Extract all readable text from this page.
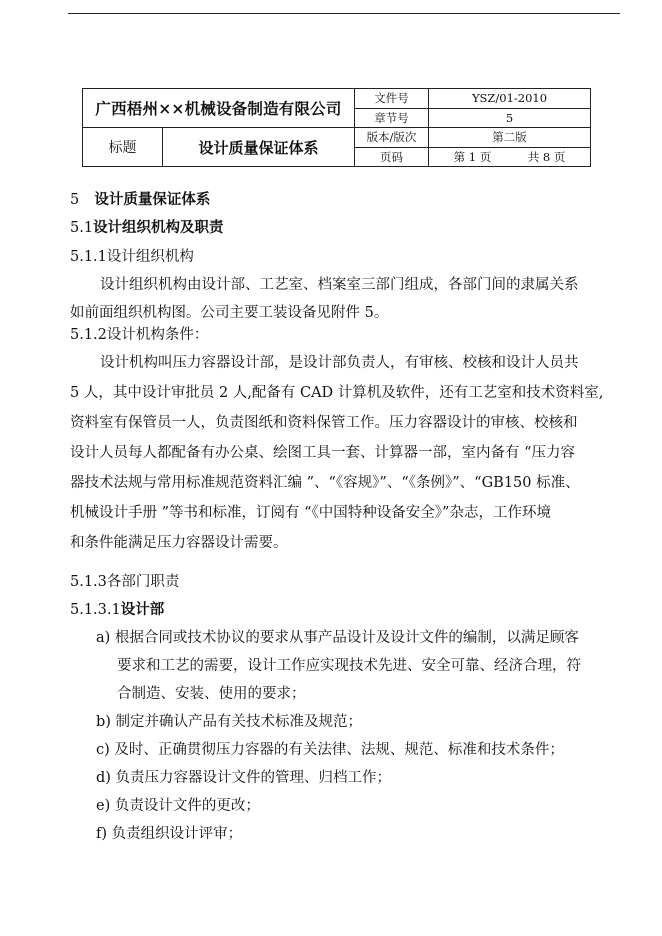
广西梧州××机械设备制造有限公司		文件号	YSZ/01-2010
		章节号	5
标题	设计质量保证体系	版本/版次	第二版
		页码	第 1 页 共 8 页
5 设计质量保证体系
5.1设计组织机构及职责
5.1.1设计组织机构
设计组织机构由设计部、工艺室、档案室三部门组成，各部门间的隶属关系
如前面组织机构图。公司主要工装设备见附件 5。
5.1.2设计机构条件：
设计机构叫压力容器设计部，是设计部负责人，有审核、校核和设计人员共
5 人，其中设计审批员 2 人,配备有 CAD 计算机及软件，还有工艺室和技术资料室,
资料室有保管员一人，负责图纸和资料保管工作。压力容器设计的审核、校核和
设计人员每人都配备有办公桌、绘图工具一套、计算器一部，室内备有 “压力容
器技术法规与常用标准规范资料汇编 ”、“《容规》”、“《条例》”、“GB150 标准、
机械设计手册 ”等书和标准，订阅有 “《中国特种设备安全》”杂志，工作环境
和条件能满足压力容器设计需要。
5.1.3各部门职责
5.1.3.1设计部
a) 根据合同或技术协议的要求从事产品设计及设计文件的编制，以满足顾客
要求和工艺的需要，设计工作应实现技术先进、安全可靠、经济合理，符
合制造、安装、使用的要求；
b) 制定并确认产品有关技术标准及规范；
c) 及时、正确贯彻压力容器的有关法律、法规、规范、标准和技术条件；
d) 负责压力容器设计文件的管理、归档工作；
e) 负责设计文件的更改；
f) 负责组织设计评审；
